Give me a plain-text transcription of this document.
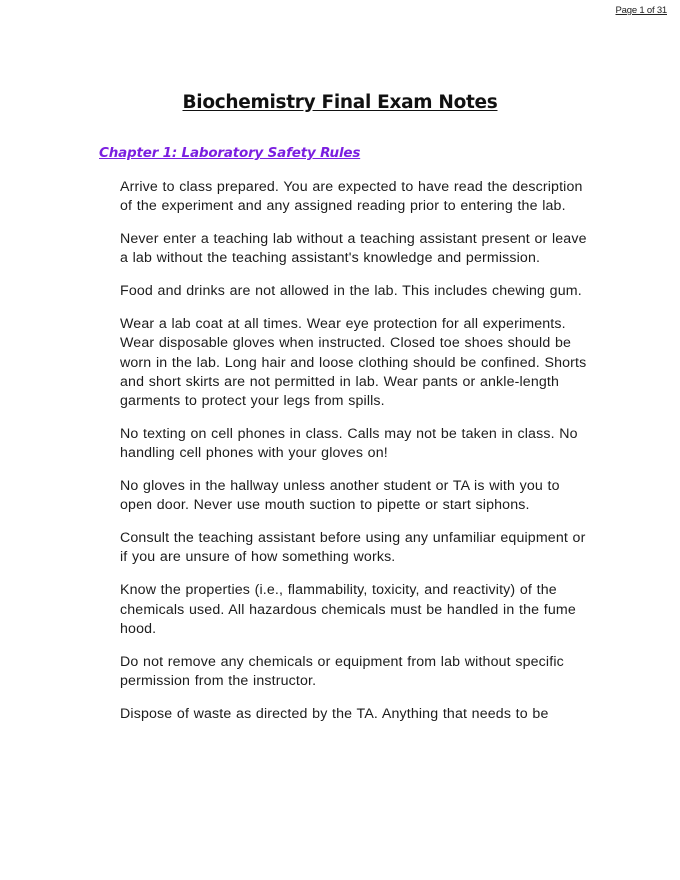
Page 1 of 31
Biochemistry Final Exam Notes
Chapter 1: Laboratory Safety Rules

Arrive to class prepared. You are expected to have read the description of the experiment and any assigned reading prior to entering the lab.

Never enter a teaching lab without a teaching assistant present or leave a lab without the teaching assistant's knowledge and permission.

Food and drinks are not allowed in the lab. This includes chewing gum.

Wear a lab coat at all times. Wear eye protection for all experiments. Wear disposable gloves when instructed. Closed toe shoes should be worn in the lab. Long hair and loose clothing should be confined. Shorts and short skirts are not permitted in lab. Wear pants or ankle-length garments to protect your legs from spills.

No texting on cell phones in class. Calls may not be taken in class. No handling cell phones with your gloves on!

No gloves in the hallway unless another student or TA is with you to open door. Never use mouth suction to pipette or start siphons.

Consult the teaching assistant before using any unfamiliar equipment or if you are unsure of how something works.

Know the properties (i.e., flammability, toxicity, and reactivity) of the chemicals used. All hazardous chemicals must be handled in the fume hood.

Do not remove any chemicals or equipment from lab without specific permission from the instructor.

Dispose of waste as directed by the TA. Anything that needs to be
